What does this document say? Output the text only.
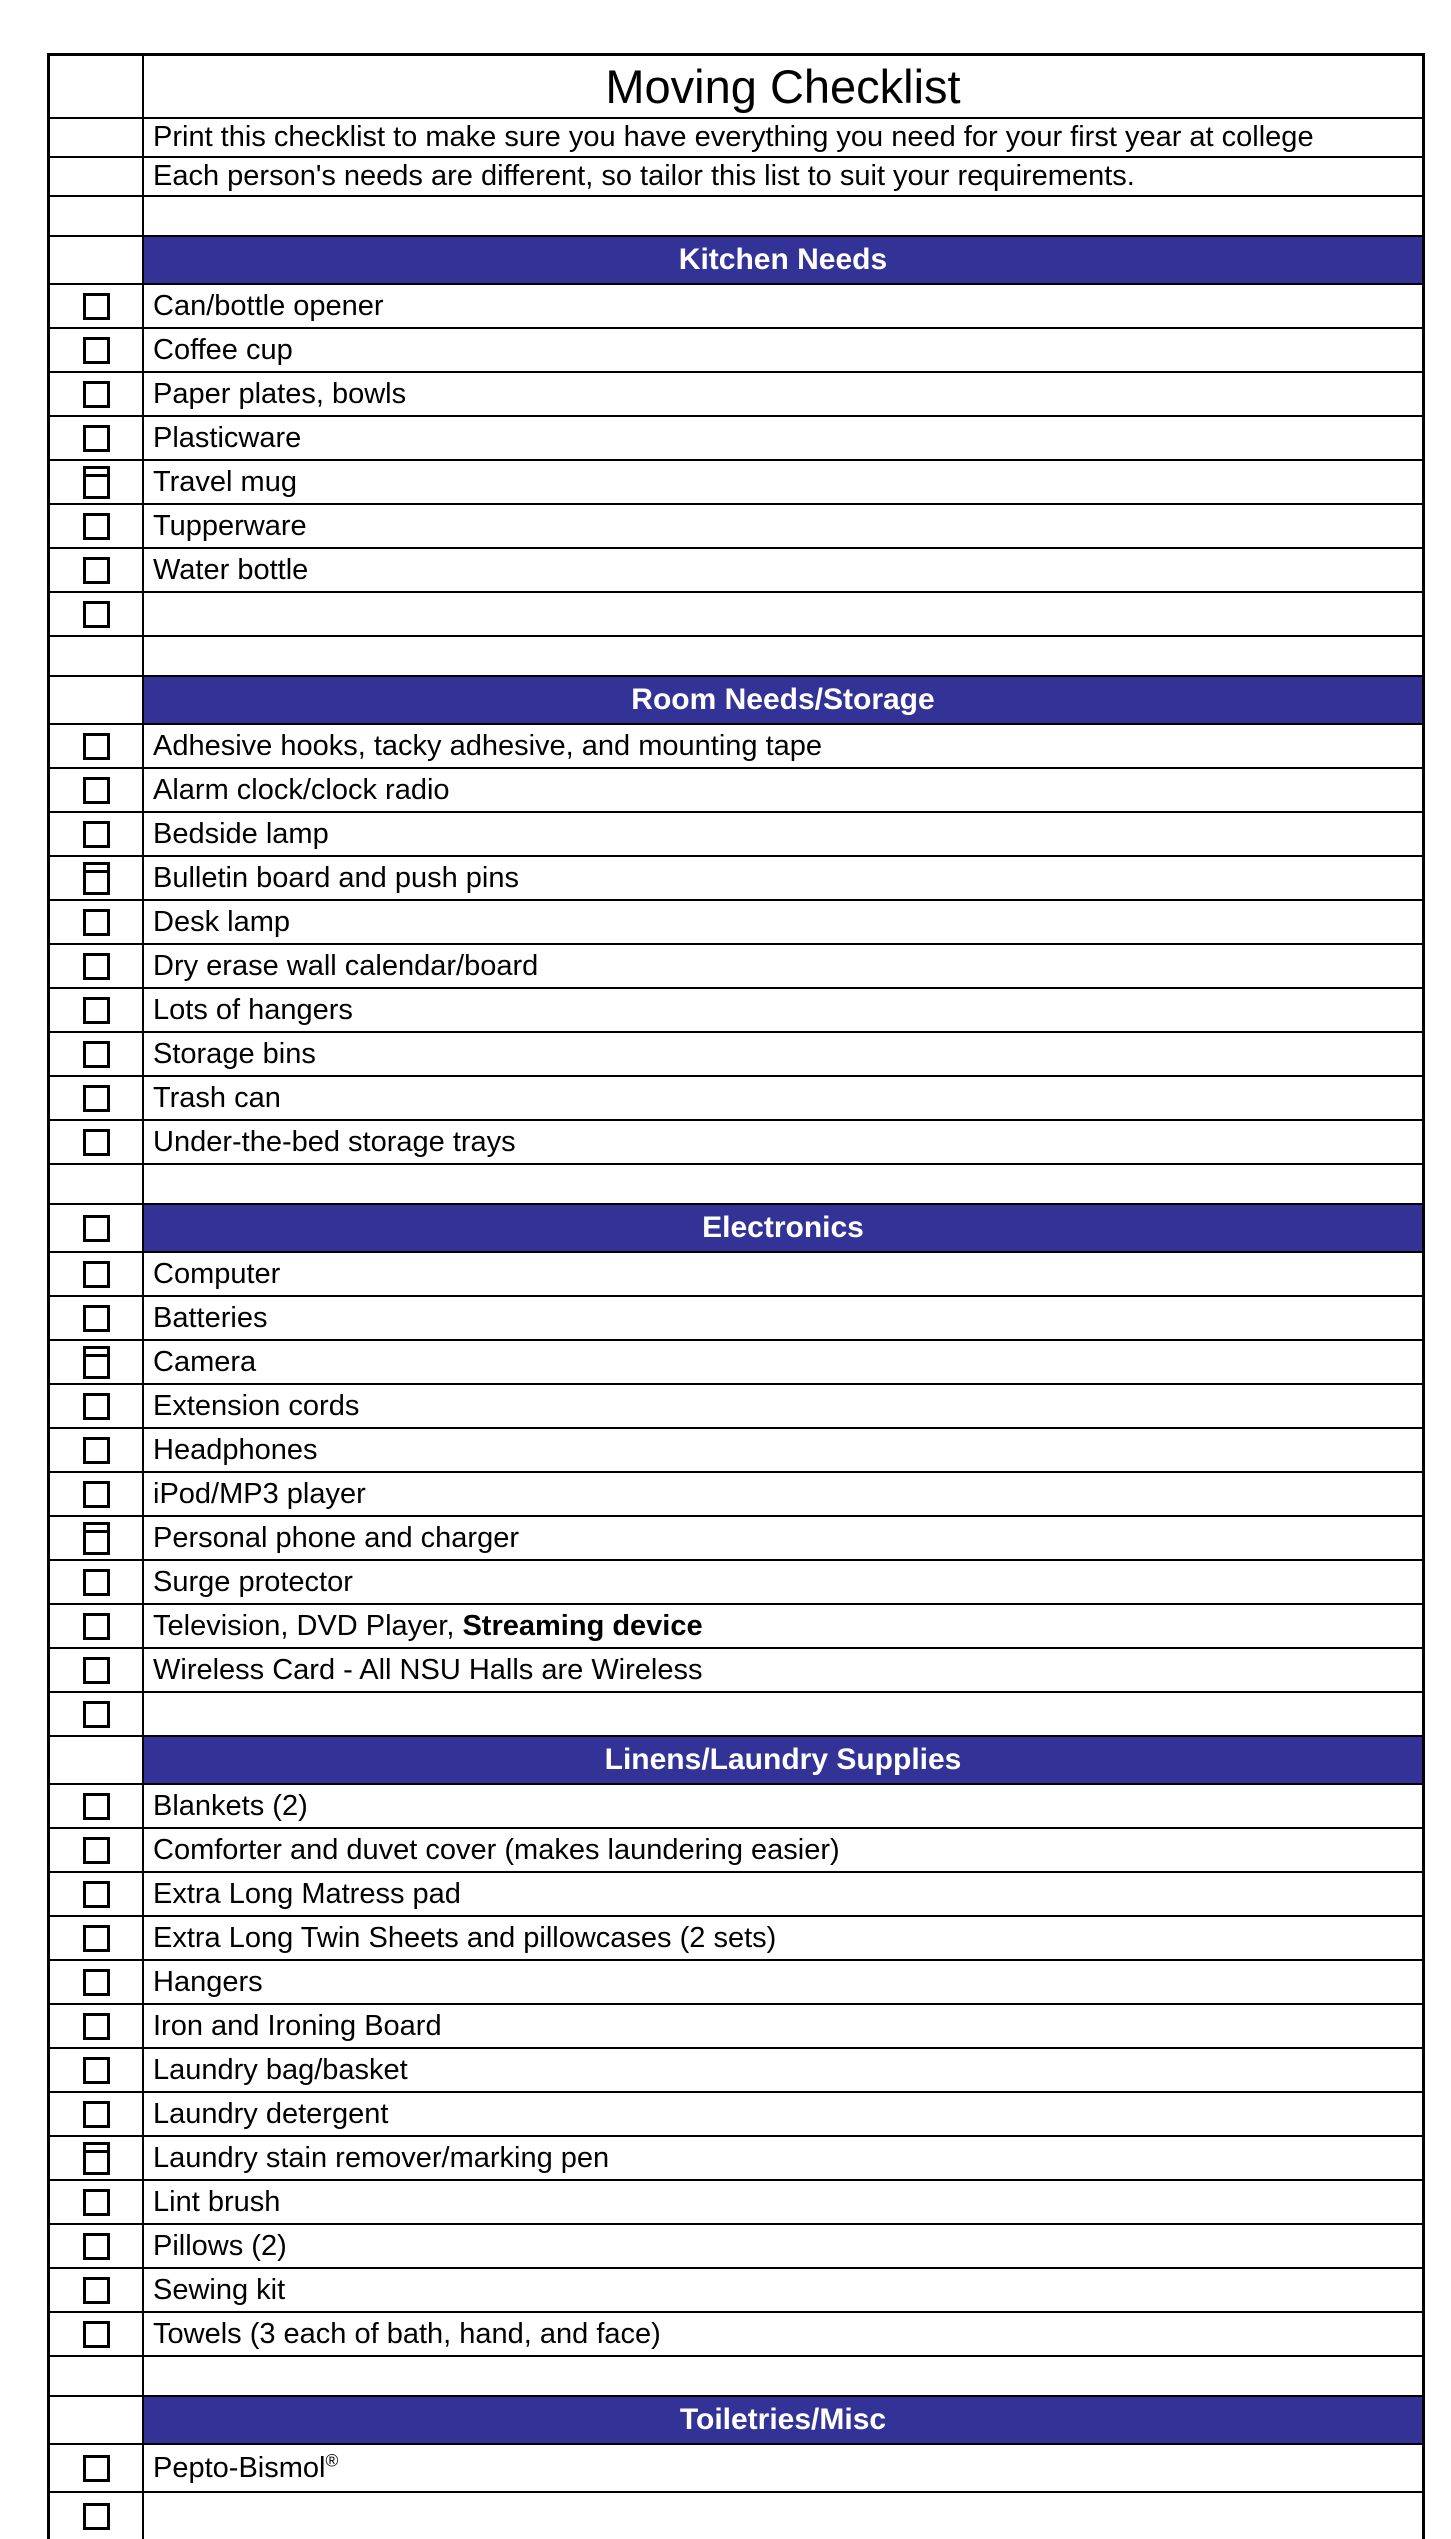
Moving Checklist
Print this checklist to make sure you have everything you need for your first year at college
Each person's needs are different, so tailor this list to suit your requirements.
Kitchen Needs
Can/bottle opener
Coffee cup
Paper plates, bowls
Plasticware
Travel mug
Tupperware
Water bottle
Room Needs/Storage
Adhesive hooks, tacky adhesive, and mounting tape
Alarm clock/clock radio
Bedside lamp
Bulletin board and push pins
Desk lamp
Dry erase wall calendar/board
Lots of hangers
Storage bins
Trash can
Under-the-bed storage trays
Electronics
Computer
Batteries
Camera
Extension cords
Headphones
iPod/MP3 player
Personal phone and charger
Surge protector
Television, DVD Player, Streaming device
Wireless Card - All NSU Halls are Wireless
Linens/Laundry Supplies
Blankets (2)
Comforter and duvet cover (makes laundering easier)
Extra Long Matress pad
Extra Long Twin Sheets and pillowcases (2 sets)
Hangers
Iron and Ironing Board
Laundry bag/basket
Laundry detergent
Laundry stain remover/marking pen
Lint brush
Pillows (2)
Sewing kit
Towels (3 each of bath, hand, and face)
Toiletries/Misc
Pepto-Bismol®
